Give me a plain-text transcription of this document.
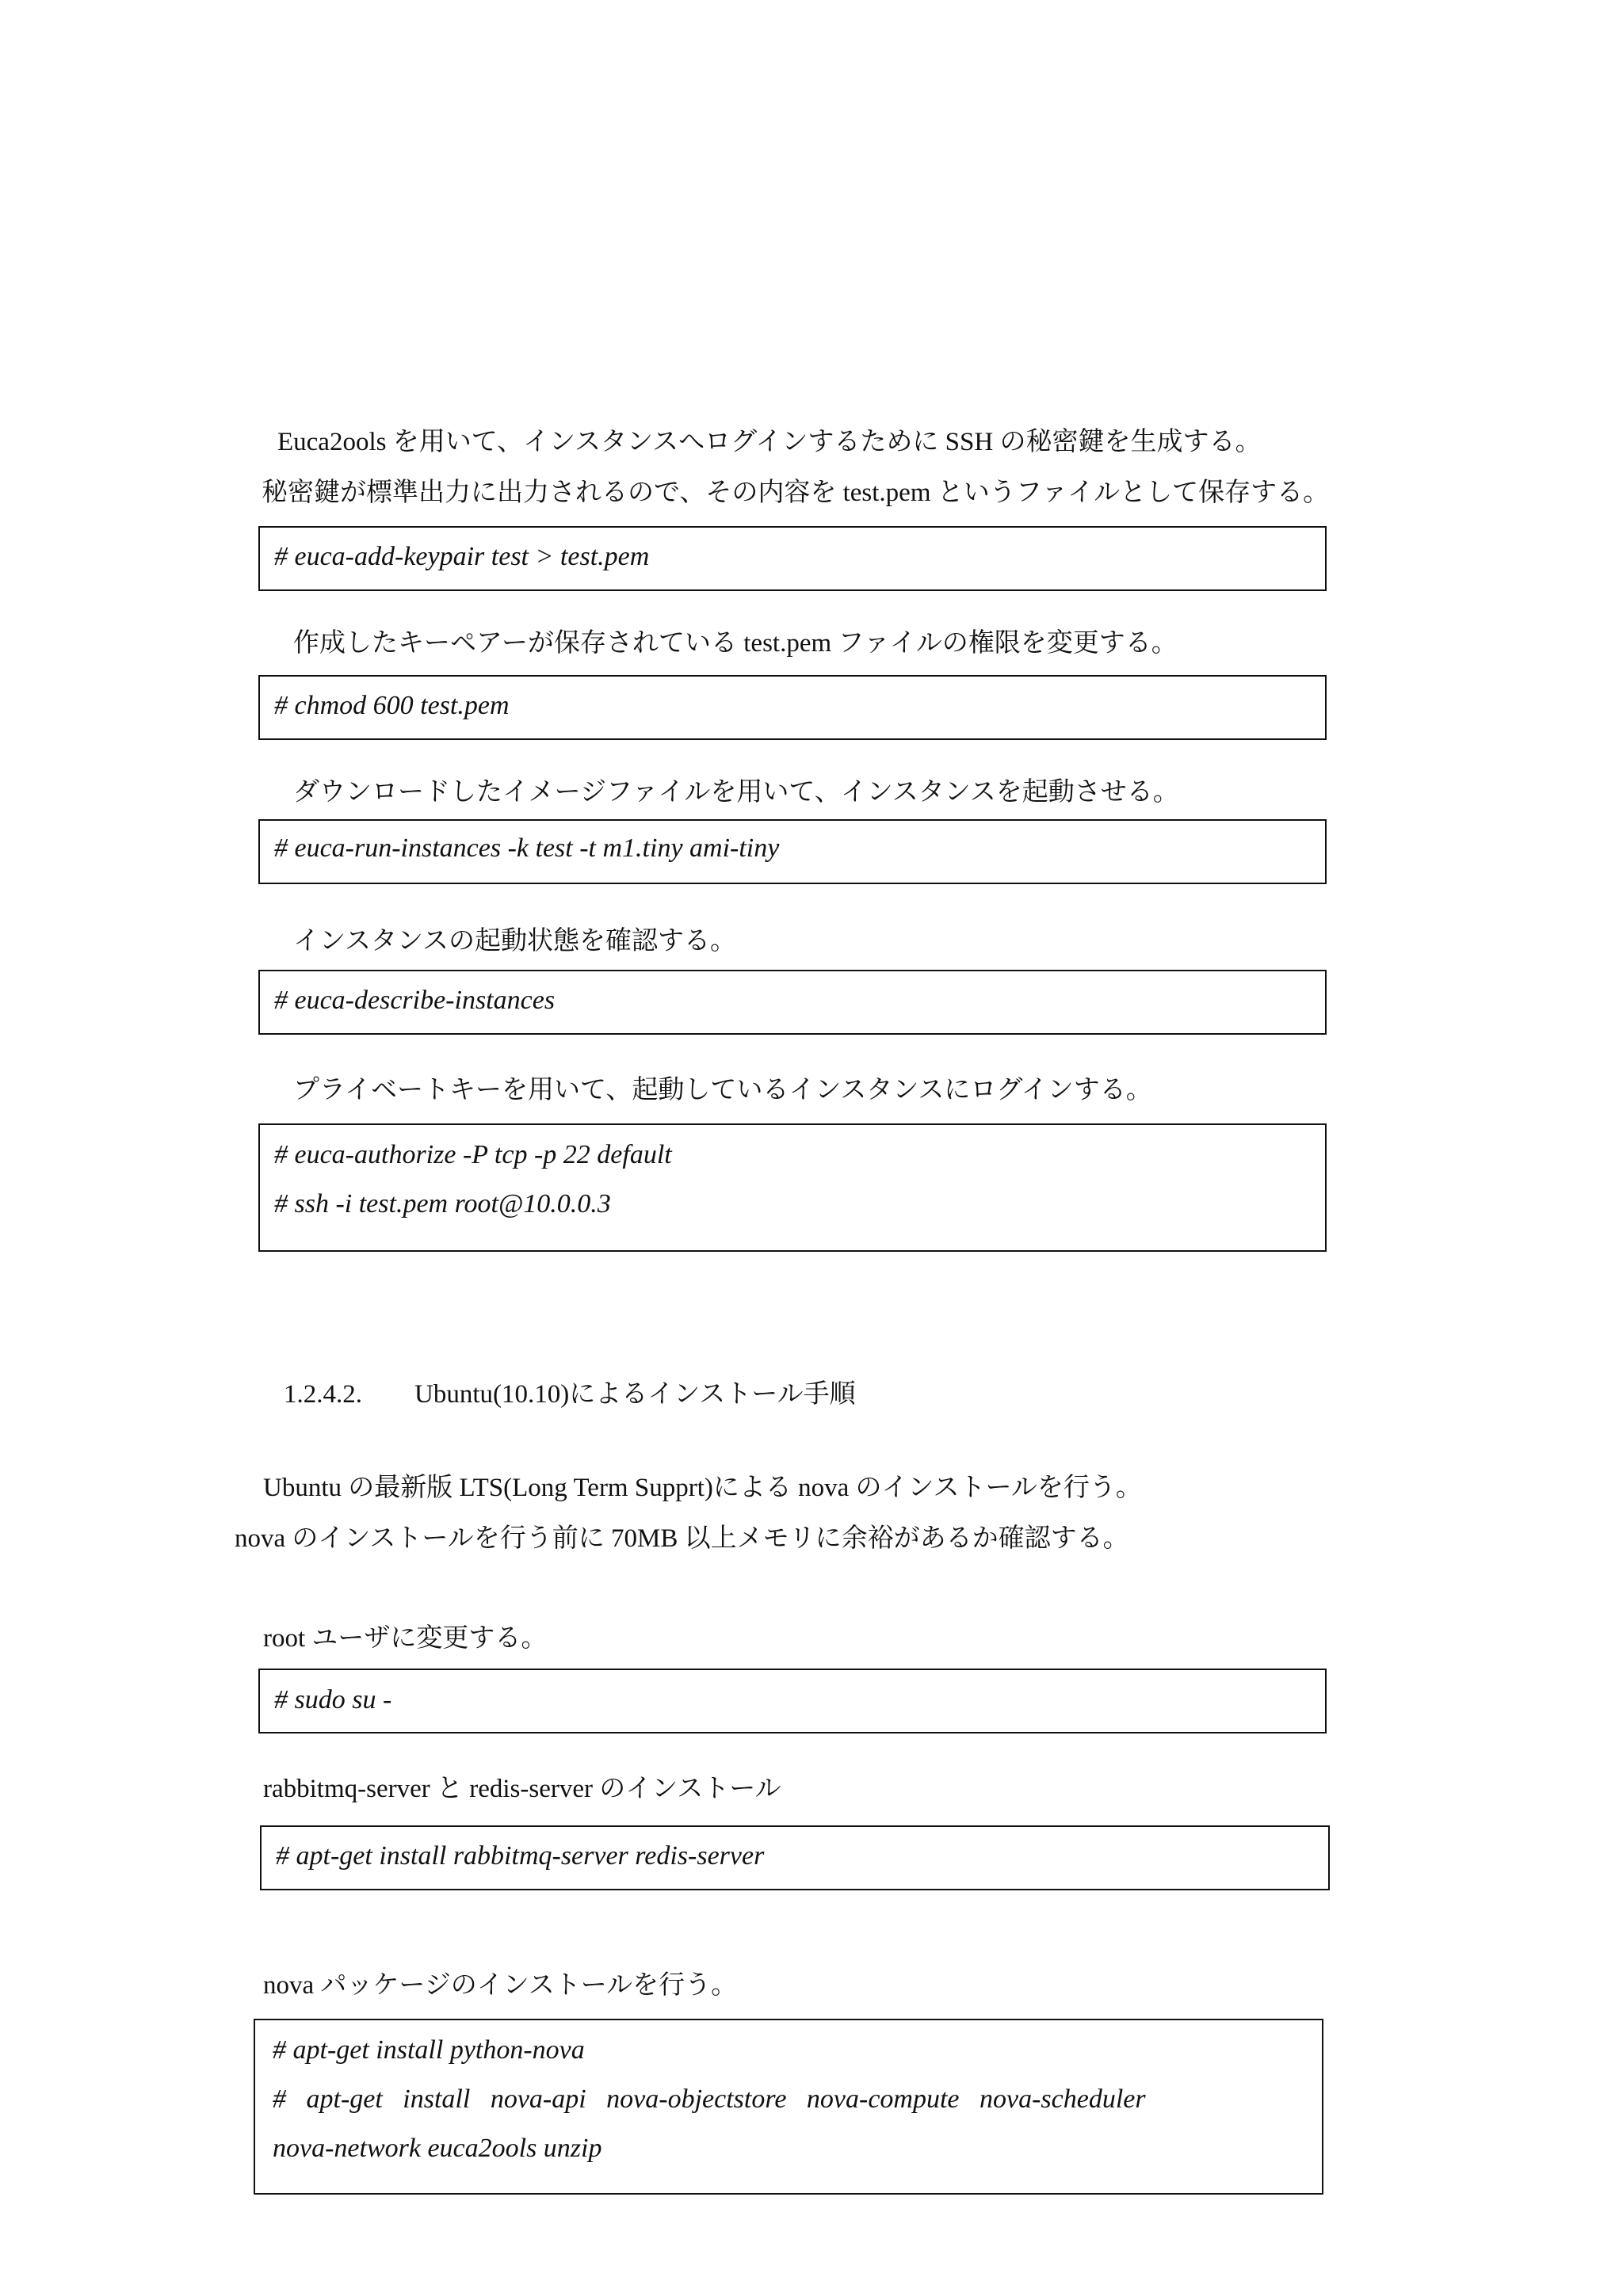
Euca2ools を用いて、インスタンスへログインするために SSH の秘密鍵を生成する。

秘密鍵が標準出力に出力されるので、その内容を test.pem というファイルとして保存する。

# euca-add-keypair test > test.pem

作成したキーペアーが保存されている test.pem ファイルの権限を変更する。

# chmod 600 test.pem

ダウンロードしたイメージファイルを用いて、インスタンスを起動させる。

# euca-run-instances -k test -t m1.tiny ami-tiny

インスタンスの起動状態を確認する。

# euca-describe-instances

プライベートキーを用いて、起動しているインスタンスにログインする。

# euca-authorize -P tcp -p 22 default

# ssh -i test.pem root@10.0.0.3

1.2.4.2. Ubuntu(10.10)によるインストール手順

Ubuntu の最新版 LTS(Long Term Supprt)による nova のインストールを行う。

nova のインストールを行う前に 70MB 以上メモリに余裕があるか確認する。

root ユーザに変更する。

# sudo su -

rabbitmq-server と redis-server のインストール

# apt-get install rabbitmq-server redis-server

nova パッケージのインストールを行う。

# apt-get install python-nova

#   apt-get   install   nova-api   nova-objectstore   nova-compute   nova-scheduler

nova-network euca2ools unzip
